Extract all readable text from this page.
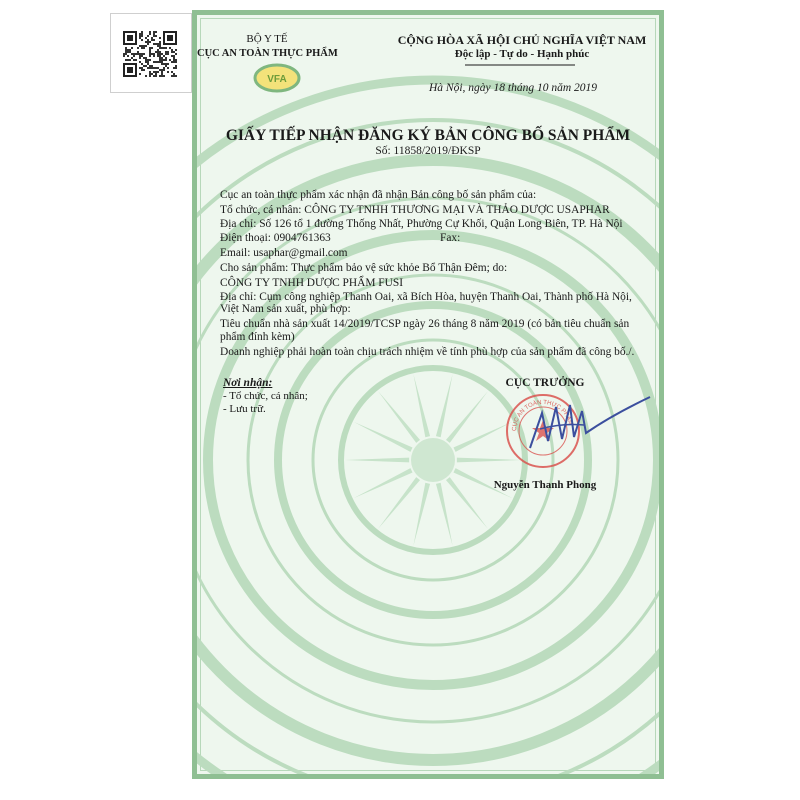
BỘ Y TẾ
CỤC AN TOÀN THỰC PHẨM
VFA
CỘNG HÒA XÃ HỘI CHỦ NGHĨA VIỆT NAM
Độc lập - Tự do - Hạnh phúc
Hà Nội, ngày 18 tháng 10 năm 2019
GIẤY TIẾP NHẬN ĐĂNG KÝ BẢN CÔNG BỐ SẢN PHẨM
Số: 11858/2019/ĐKSP
Cục an toàn thực phẩm xác nhận đã nhận Bản công bố sản phẩm của:
Tổ chức, cá nhân: CÔNG TY TNHH THƯƠNG MẠI VÀ THẢO DƯỢC USAPHAR
Địa chỉ: Số 126 tổ 1 đường Thống Nhất, Phường Cự Khối, Quận Long Biên, TP. Hà Nội
Điện thoại: 0904761363	Fax:
Email: usaphar@gmail.com
Cho sản phẩm: Thực phẩm bảo vệ sức khỏe Bổ Thận Đêm; do:
CÔNG TY TNHH DƯỢC PHẨM FUSI
Địa chỉ: Cụm công nghiệp Thanh Oai, xã Bích Hòa, huyện Thanh Oai, Thành phố Hà Nội,
Việt Nam sản xuất, phù hợp:
Tiêu chuẩn nhà sản xuất 14/2019/TCSP ngày 26 tháng 8 năm 2019 (có bản tiêu chuẩn sản
phẩm đính kèm)
Doanh nghiệp phải hoàn toàn chịu trách nhiệm về tính phù hợp của sản phẩm đã công bố./.
Nơi nhận:
- Tổ chức, cá nhân;
- Lưu trữ.
CỤC TRƯỞNG
CỤC AN TOÀN THỰC PHẨM
Nguyễn Thanh Phong
